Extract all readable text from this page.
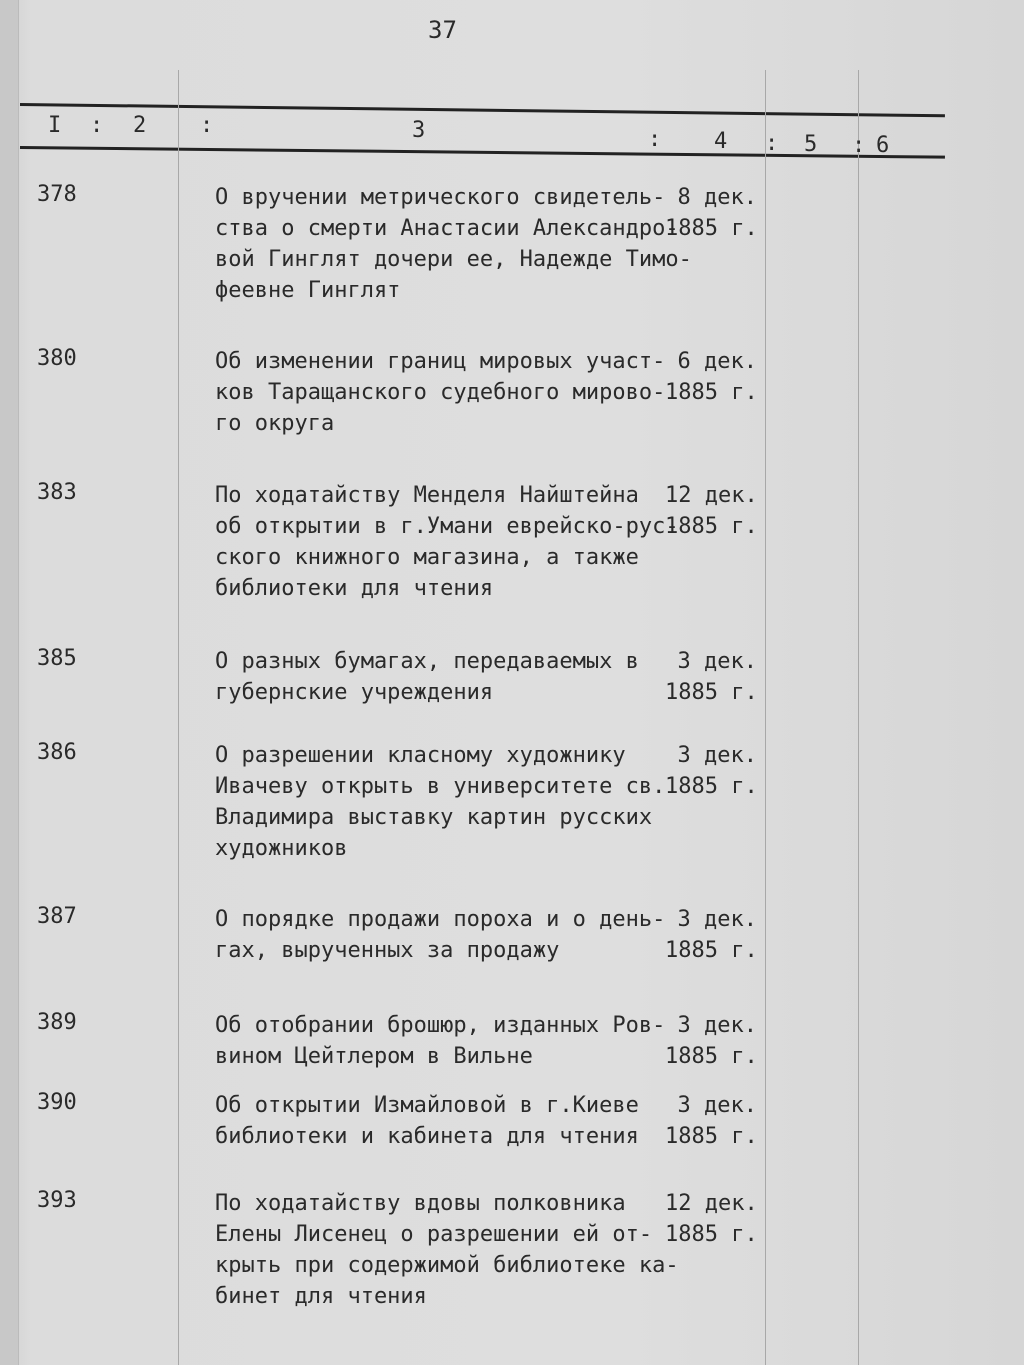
37
I : 2 :	3	: 4 : 5 : 6
378	О вручении метрического свидетель-
ства о смерти Анастасии Александро-
вой Гинглят дочери ее, Надежде Тимо-
феевне Гинглят
8 дек.
1885 г.
380	Об изменении границ мировых участ-
ков Таращанского судебного мирово-
го округа
6 дек.
1885 г.
383	По ходатайству Менделя Найштейна
об открытии в г.Умани еврейско-рус-
ского книжного магазина, а также
библиотеки для чтения
12 дек.
1885 г.
385	О разных бумагах, передаваемых в
губернские учреждения
3 дек.
1885 г.
386	О разрешении класному художнику
Ивачеву открыть в университете св.
Владимира выставку картин русских
художников
3 дек.
1885 г.
387	О порядке продажи пороха и о день-
гах, вырученных за продажу
3 дек.
1885 г.
389	Об отобрании брошюр, изданных Ров-
вином Цейтлером в Вильне
3 дек.
1885 г.
390	Об открытии Измайловой в г.Киеве
библиотеки и кабинета для чтения
3 дек.
1885 г.
393	По ходатайству вдовы полковника
Елены Лисенец о разрешении ей от-
крыть при содержимой библиотеке ка-
бинет для чтения
12 дек.
1885 г.
